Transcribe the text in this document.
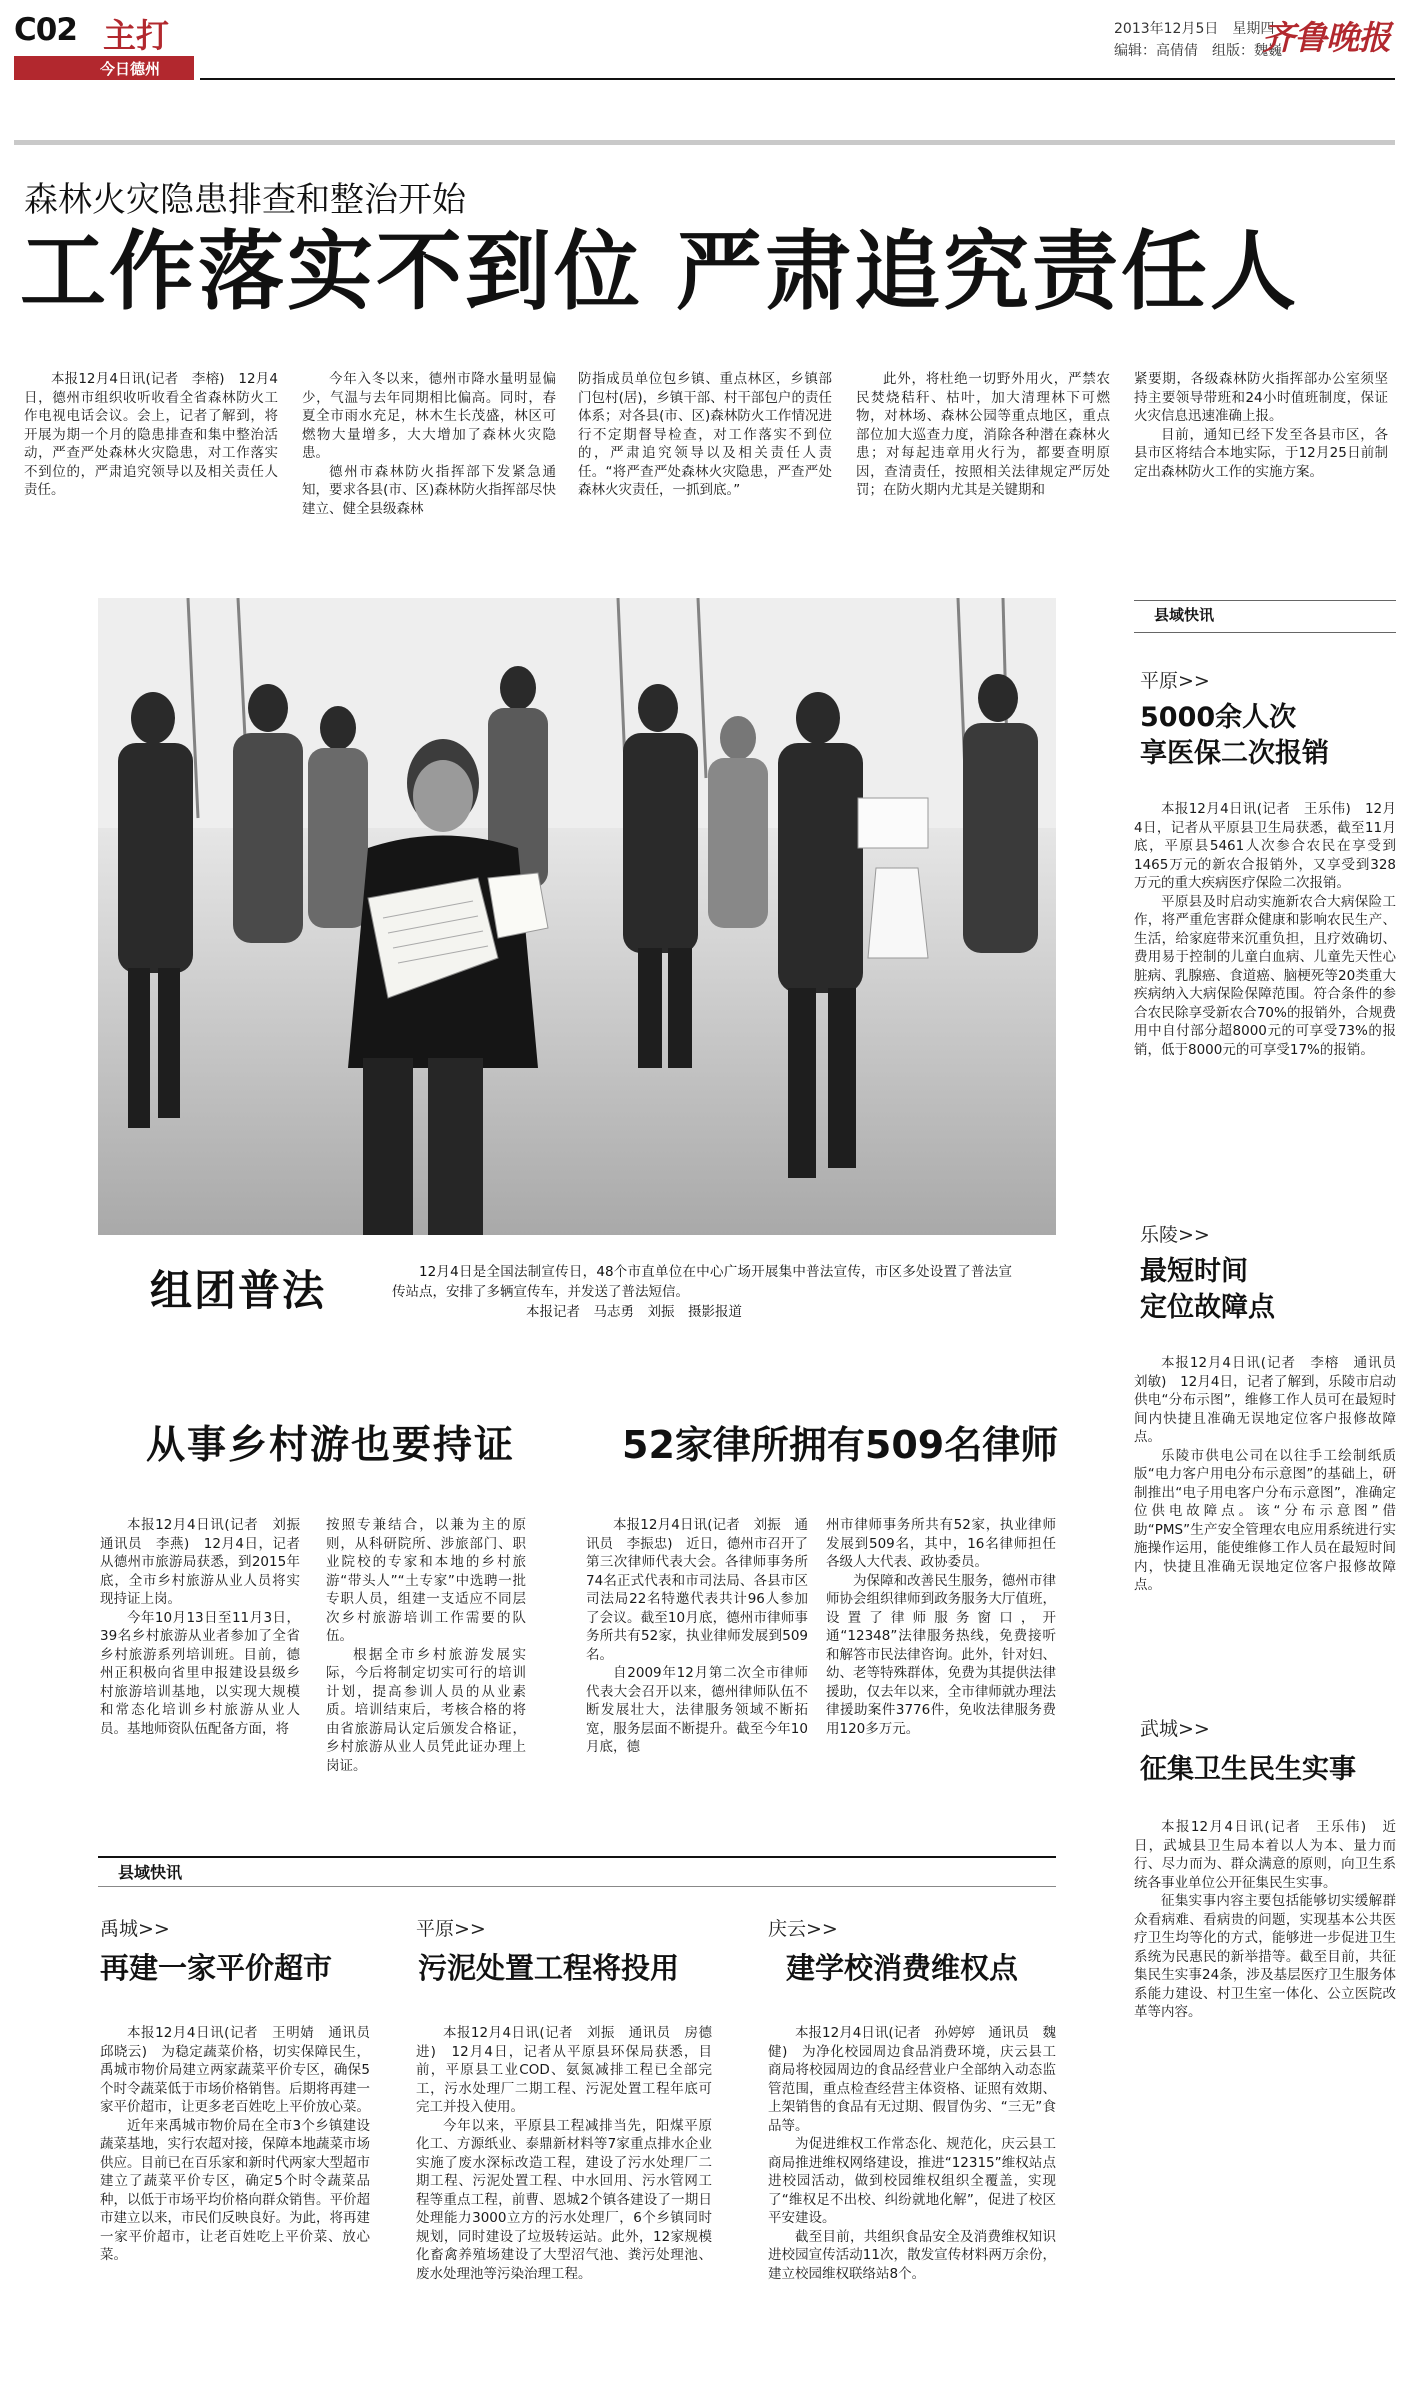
C02 主打
今日德州
2013年12月5日　星期四
编辑：高倩倩　组版：魏巍
齐鲁晚报
森林火灾隐患排查和整治开始
工作落实不到位 严肃追究责任人

本报12月4日讯(记者　李榕)　12月4日，德州市组织收听收看全省森林防火工作电视电话会议。会上，记者了解到，将开展为期一个月的隐患排查和集中整治活动，严查严处森林火灾隐患，对工作落实不到位的，严肃追究领导以及相关责任人责任。

今年入冬以来，德州市降水量明显偏少，气温与去年同期相比偏高。同时，春夏全市雨水充足，林木生长茂盛，林区可燃物大量增多，大大增加了森林火灾隐患。

德州市森林防火指挥部下发紧急通知，要求各县(市、区)森林防火指挥部尽快建立、健全县级森林

防指成员单位包乡镇、重点林区，乡镇部门包村(居)，乡镇干部、村干部包户的责任体系；对各县(市、区)森林防火工作情况进行不定期督导检查，对工作落实不到位的，严肃追究领导以及相关责任人责任。“将严查严处森林火灾隐患，严查严处森林火灾责任，一抓到底。”

此外，将杜绝一切野外用火，严禁农民焚烧秸秆、枯叶，加大清理林下可燃物，对林场、森林公园等重点地区，重点部位加大巡查力度，消除各种潜在森林火患；对每起违章用火行为，都要查明原因，查清责任，按照相关法律规定严厉处罚；在防火期内尤其是关键期和

紧要期，各级森林防火指挥部办公室须坚持主要领导带班和24小时值班制度，保证火灾信息迅速准确上报。

目前，通知已经下发至各县市区，各县市区将结合本地实际，于12月25日前制定出森林防火工作的实施方案。

组团普法	12月4日是全国法制宣传日，48个市直单位在中心广场开展集中普法宣传，市区多处设置了普法宣传站点，安排了多辆宣传车，并发送了普法短信。
本报记者　马志勇　刘振　摄影报道
从事乡村游也要持证

本报12月4日讯(记者　刘振　通讯员　李燕)　12月4日，记者从德州市旅游局获悉，到2015年底，全市乡村旅游从业人员将实现持证上岗。

今年10月13日至11月3日，39名乡村旅游从业者参加了全省乡村旅游系列培训班。目前，德州正积极向省里申报建设县级乡村旅游培训基地，以实现大规模和常态化培训乡村旅游从业人员。基地师资队伍配备方面，将

按照专兼结合，以兼为主的原则，从科研院所、涉旅部门、职业院校的专家和本地的乡村旅游“带头人”“土专家”中选聘一批专职人员，组建一支适应不同层次乡村旅游培训工作需要的队伍。

根据全市乡村旅游发展实际，今后将制定切实可行的培训计划，提高参训人员的从业素质。培训结束后，考核合格的将由省旅游局认定后颁发合格证，乡村旅游从业人员凭此证办理上岗证。

52家律所拥有509名律师

本报12月4日讯(记者　刘振　通讯员　李振忠)　近日，德州市召开了第三次律师代表大会。各律师事务所74名正式代表和市司法局、各县市区司法局22名特邀代表共计96人参加了会议。截至10月底，德州市律师事务所共有52家，执业律师发展到509名。

自2009年12月第二次全市律师代表大会召开以来，德州律师队伍不断发展壮大，法律服务领域不断拓宽，服务层面不断提升。截至今年10月底，德

州市律师事务所共有52家，执业律师发展到509名，其中，16名律师担任各级人大代表、政协委员。

为保障和改善民生服务，德州市律师协会组织律师到政务服务大厅值班，设置了律师服务窗口，开通“12348”法律服务热线，免费接听和解答市民法律咨询。此外，针对妇、幼、老等特殊群体，免费为其提供法律援助，仅去年以来，全市律师就办理法律援助案件3776件，免收法律服务费用120多万元。

县域快讯
禹城>>
再建一家平价超市

本报12月4日讯(记者　王明婧　通讯员　邱晓云)　为稳定蔬菜价格，切实保障民生，禹城市物价局建立两家蔬菜平价专区，确保5个时令蔬菜低于市场价格销售。后期将再建一家平价超市，让更多老百姓吃上平价放心菜。

近年来禹城市物价局在全市3个乡镇建设蔬菜基地，实行农超对接，保障本地蔬菜市场供应。目前已在百乐家和新时代两家大型超市建立了蔬菜平价专区，确定5个时令蔬菜品种，以低于市场平均价格向群众销售。平价超市建立以来，市民们反映良好。为此，将再建一家平价超市，让老百姓吃上平价菜、放心菜。

平原>>
污泥处置工程将投用

本报12月4日讯(记者　刘振　通讯员　房德进)　12月4日，记者从平原县环保局获悉，目前，平原县工业COD、氨氮减排工程已全部完工，污水处理厂二期工程、污泥处置工程年底可完工并投入使用。

今年以来，平原县工程减排当先，阳煤平原化工、方源纸业、泰鼎新材料等7家重点排水企业实施了废水深标改造工程，建设了污水处理厂二期工程、污泥处置工程、中水回用、污水管网工程等重点工程，前曹、恩城2个镇各建设了一期日处理能力3000立方的污水处理厂，6个乡镇同时规划，同时建设了垃圾转运站。此外，12家规模化畜禽养殖场建设了大型沼气池、粪污处理池、废水处理池等污染治理工程。

庆云>>
建学校消费维权点

本报12月4日讯(记者　孙婷婷　通讯员　魏健)　为净化校园周边食品消费环境，庆云县工商局将校园周边的食品经营业户全部纳入动态监管范围，重点检查经营主体资格、证照有效期、上架销售的食品有无过期、假冒伪劣、“三无”食品等。

为促进维权工作常态化、规范化，庆云县工商局推进维权网络建设，推进“12315”维权站点进校园活动，做到校园维权组织全覆盖，实现了“维权足不出校、纠纷就地化解”，促进了校区平安建设。

截至目前，共组织食品安全及消费维权知识进校园宣传活动11次，散发宣传材料两万余份，建立校园维权联络站8个。

县域快讯
平原>>
5000余人次
享医保二次报销

本报12月4日讯(记者　王乐伟)　12月4日，记者从平原县卫生局获悉，截至11月底，平原县5461人次参合农民在享受到1465万元的新农合报销外，又享受到328万元的重大疾病医疗保险二次报销。

平原县及时启动实施新农合大病保险工作，将严重危害群众健康和影响农民生产、生活，给家庭带来沉重负担，且疗效确切、费用易于控制的儿童白血病、儿童先天性心脏病、乳腺癌、食道癌、脑梗死等20类重大疾病纳入大病保险保障范围。符合条件的参合农民除享受新农合70%的报销外，合规费用中自付部分超8000元的可享受73%的报销，低于8000元的可享受17%的报销。

乐陵>>
最短时间
定位故障点

本报12月4日讯(记者　李榕　通讯员　刘敏)　12月4日，记者了解到，乐陵市启动供电“分布示图”，维修工作人员可在最短时间内快捷且准确无误地定位客户报修故障点。

乐陵市供电公司在以往手工绘制纸质版“电力客户用电分布示意图”的基础上，研制推出“电子用电客户分布示意图”，准确定位供电故障点。该“分布示意图”借助“PMS”生产安全管理农电应用系统进行实施操作运用，能使维修工作人员在最短时间内，快捷且准确无误地定位客户报修故障点。

武城>>
征集卫生民生实事

本报12月4日讯(记者　王乐伟)　近日，武城县卫生局本着以人为本、量力而行、尽力而为、群众满意的原则，向卫生系统各事业单位公开征集民生实事。

征集实事内容主要包括能够切实缓解群众看病难、看病贵的问题，实现基本公共医疗卫生均等化的方式，能够进一步促进卫生系统为民惠民的新举措等。截至目前，共征集民生实事24条，涉及基层医疗卫生服务体系能力建设、村卫生室一体化、公立医院改革等内容。
